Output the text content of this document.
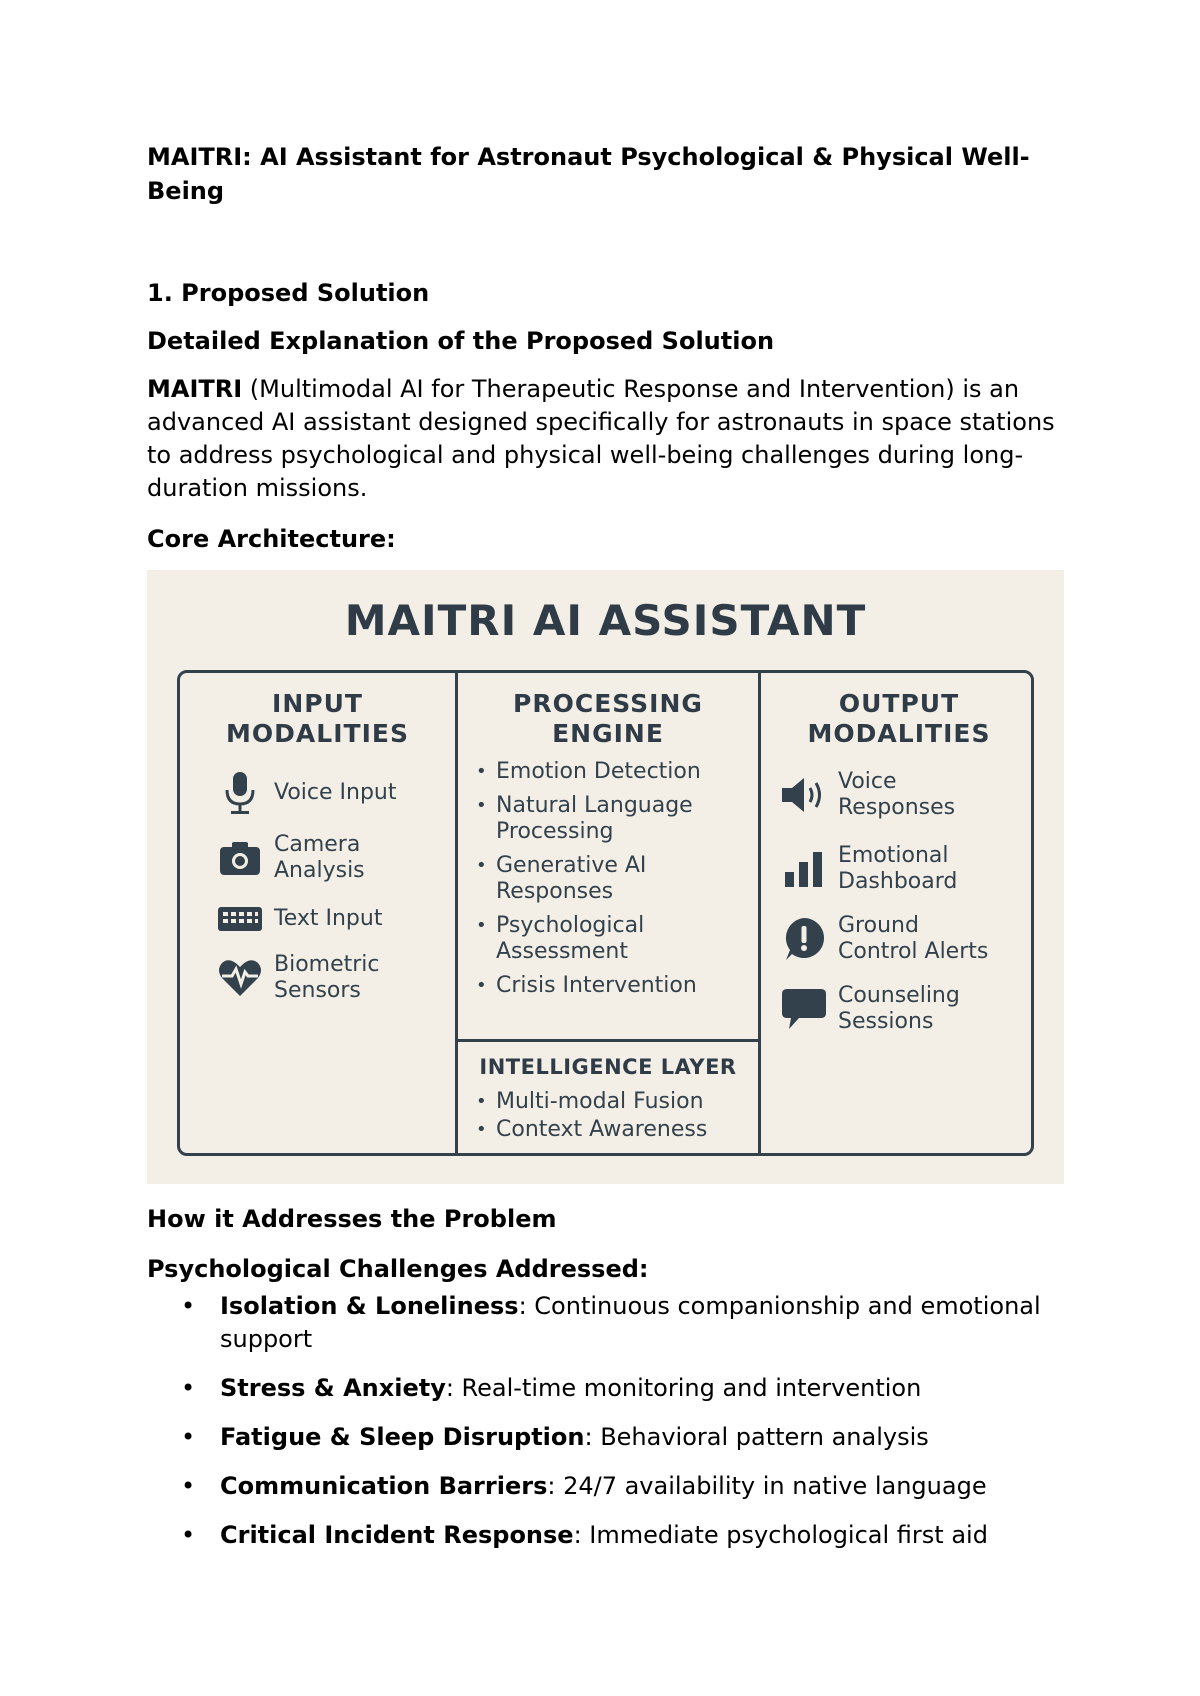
MAITRI: AI Assistant for Astronaut Psychological & Physical Well-Being
1. Proposed Solution
Detailed Explanation of the Proposed Solution
MAITRI (Multimodal AI for Therapeutic Response and Intervention) is an advanced AI assistant designed specifically for astronauts in space stations to address psychological and physical well-being challenges during long-duration missions.
Core Architecture:
MAITRI AI ASSISTANT
INPUT
MODALITIES
Voice Input
Camera
Analysis
Text Input
Biometric
Sensors
PROCESSING
ENGINE
• Emotion Detection
• Natural Language
Processing
• Generative AI
Responses
• Psychological
Assessment
• Crisis Intervention
INTELLIGENCE LAYER
• Multi-modal Fusion
• Context Awareness
OUTPUT
MODALITIES
Voice
Responses
Emotional
Dashboard
Ground
Control Alerts
Counseling
Sessions
How it Addresses the Problem
Psychological Challenges Addressed:
• Isolation & Loneliness: Continuous companionship and emotional support
• Stress & Anxiety: Real-time monitoring and intervention
• Fatigue & Sleep Disruption: Behavioral pattern analysis
• Communication Barriers: 24/7 availability in native language
• Critical Incident Response: Immediate psychological first aid
